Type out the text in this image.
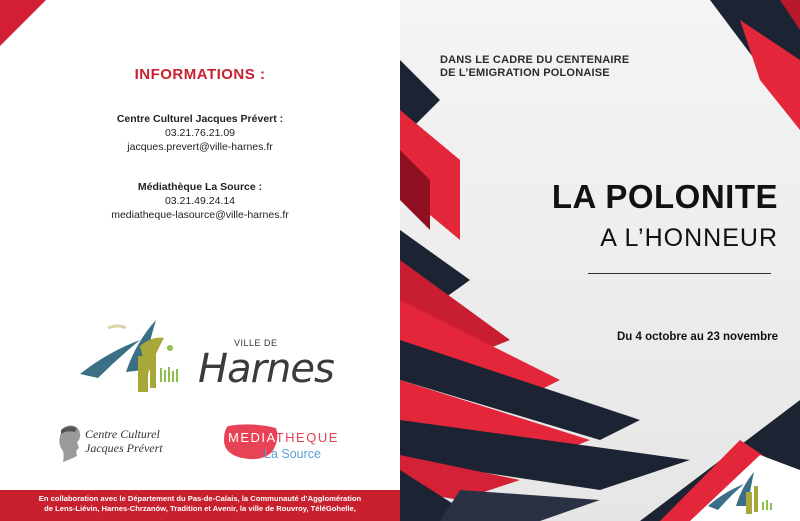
INFORMATIONS :
Centre Culturel Jacques Prévert :
03.21.76.21.09
jacques.prevert@ville-harnes.fr
Médiathèque La Source :
03.21.49.24.14
mediatheque-lasource@ville-harnes.fr
VILLE DE
Harnes
Centre Culturel
Jacques Prévert
MEDIATHEQUE
La Source
En collaboration avec le Département du Pas-de-Calais, la Communauté d’Agglomération
de Lens-Liévin, Harnes-Chrzanów, Tradition et Avenir, la ville de Rouvroy, TéléGohelle,
DANS LE CADRE DU CENTENAIRE
DE L’EMIGRATION POLONAISE
LA POLONITE
A L’HONNEUR
Du 4 octobre au 23 novembre
